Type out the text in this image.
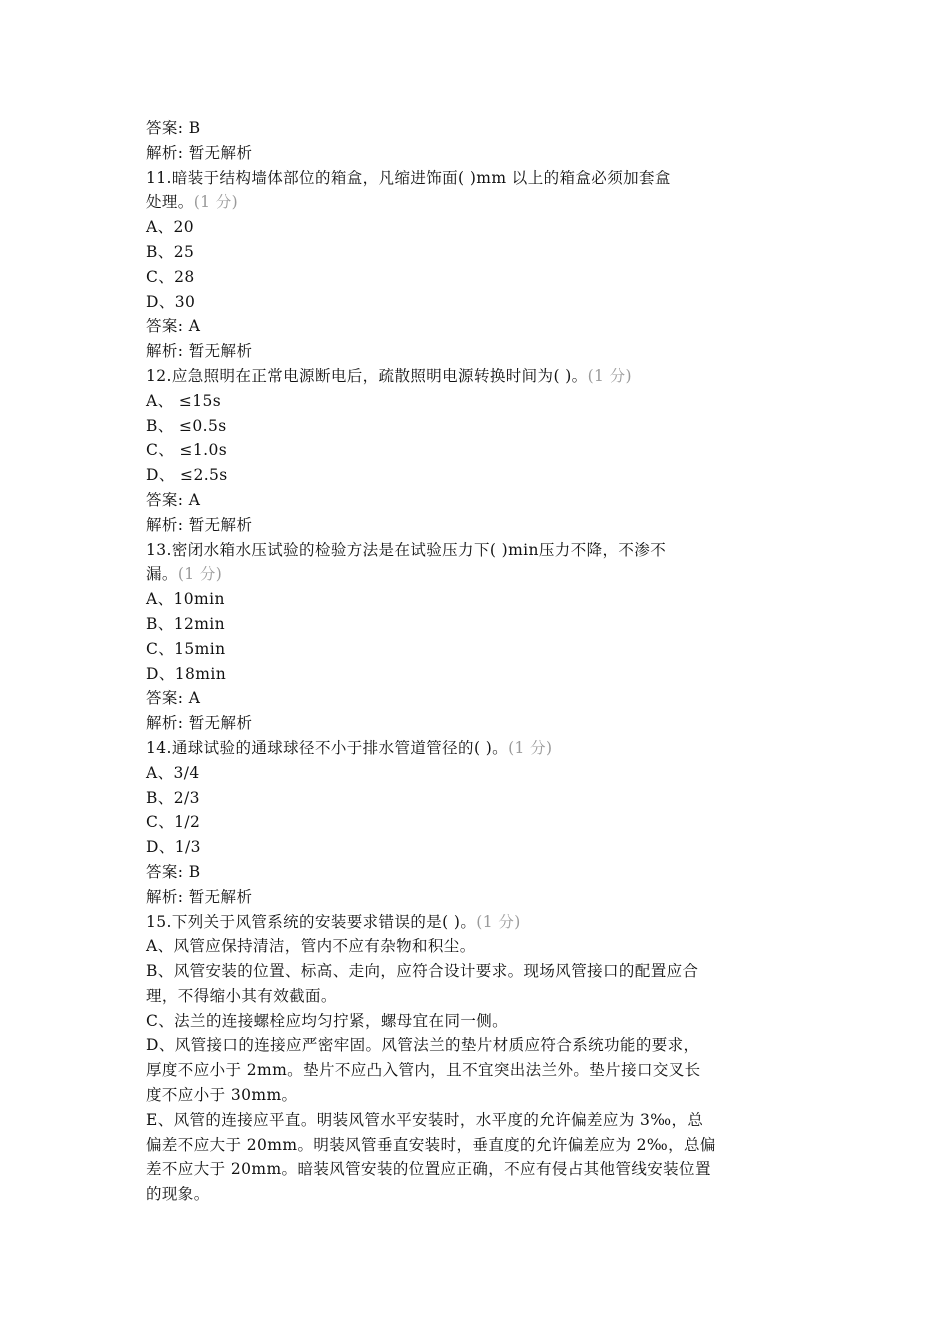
答案: B
解析: 暂无解析
11.暗装于结构墙体部位的箱盒，凡缩进饰面( )mm 以上的箱盒必须加套盒
处理。(1 分)
A、20
B、25
C、28
D、30
答案: A
解析: 暂无解析
12.应急照明在正常电源断电后，疏散照明电源转换时间为( )。(1 分)
A、 ≤15s
B、 ≤0.5s
C、 ≤1.0s
D、 ≤2.5s
答案: A
解析: 暂无解析
13.密闭水箱水压试验的检验方法是在试验压力下( )min压力不降，不渗不
漏。(1 分)
A、10min
B、12min
C、15min
D、18min
答案: A
解析: 暂无解析
14.通球试验的通球球径不小于排水管道管径的( )。(1 分)
A、3/4
B、2/3
C、1/2
D、1/3
答案: B
解析: 暂无解析
15.下列关于风管系统的安装要求错误的是( )。(1 分)
A、风管应保持清洁，管内不应有杂物和积尘。
B、风管安装的位置、标高、走向，应符合设计要求。现场风管接口的配置应合
理，不得缩小其有效截面。
C、法兰的连接螺栓应均匀拧紧，螺母宜在同一侧。
D、风管接口的连接应严密牢固。风管法兰的垫片材质应符合系统功能的要求，
厚度不应小于 2mm。垫片不应凸入管内，且不宜突出法兰外。垫片接口交叉长
度不应小于 30mm。
E、风管的连接应平直。明装风管水平安装时，水平度的允许偏差应为 3‰，总
偏差不应大于 20mm。明装风管垂直安装时，垂直度的允许偏差应为 2‰，总偏
差不应大于 20mm。暗装风管安装的位置应正确，不应有侵占其他管线安装位置
的现象。
